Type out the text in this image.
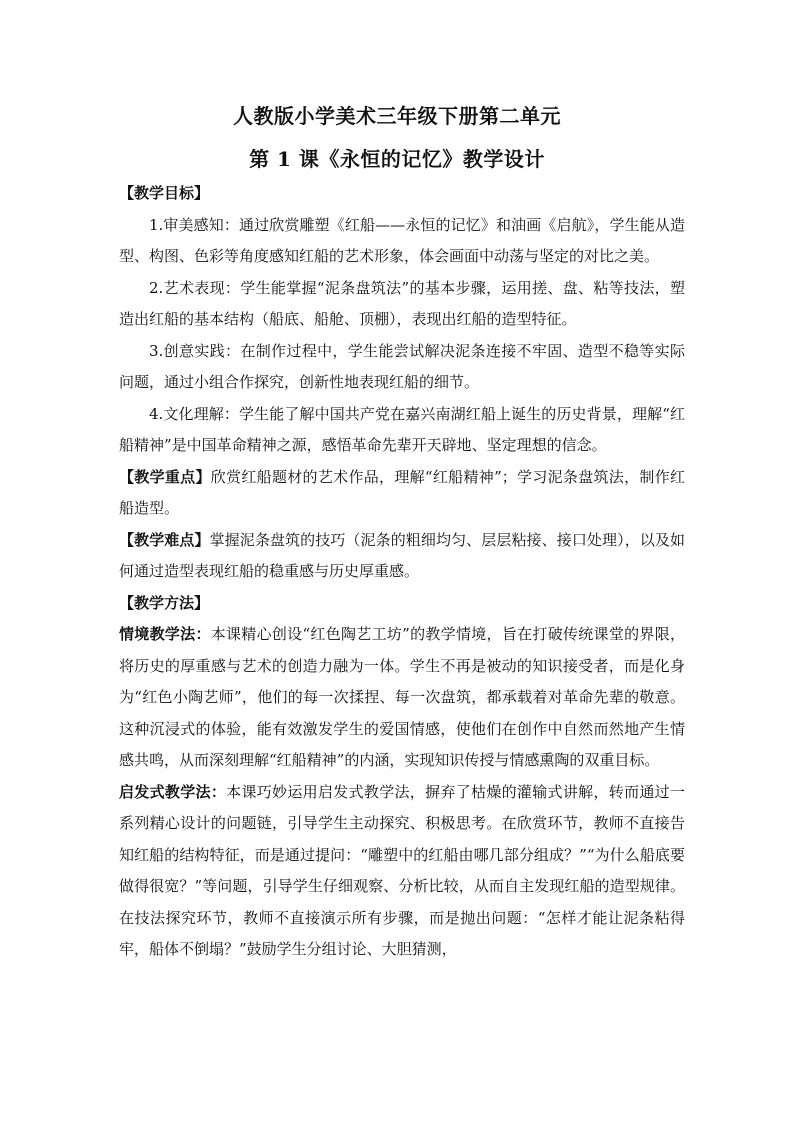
人教版小学美术三年级下册第二单元
第 1 课《永恒的记忆》教学设计

【教学目标】

1.审美感知：通过欣赏雕塑《红船——永恒的记忆》和油画《启航》，学生能从造型、构图、色彩等角度感知红船的艺术形象，体会画面中动荡与坚定的对比之美。

2.艺术表现：学生能掌握“泥条盘筑法”的基本步骤，运用搓、盘、粘等技法，塑造出红船的基本结构（船底、船舱、顶棚），表现出红船的造型特征。

3.创意实践：在制作过程中，学生能尝试解决泥条连接不牢固、造型不稳等实际问题，通过小组合作探究，创新性地表现红船的细节。

4.文化理解：学生能了解中国共产党在嘉兴南湖红船上诞生的历史背景，理解“红船精神”是中国革命精神之源，感悟革命先辈开天辟地、坚定理想的信念。

【教学重点】欣赏红船题材的艺术作品，理解“红船精神”；学习泥条盘筑法，制作红船造型。

【教学难点】掌握泥条盘筑的技巧（泥条的粗细均匀、层层粘接、接口处理），以及如何通过造型表现红船的稳重感与历史厚重感。

【教学方法】

情境教学法：本课精心创设“红色陶艺工坊”的教学情境，旨在打破传统课堂的界限，将历史的厚重感与艺术的创造力融为一体。学生不再是被动的知识接受者，而是化身为“红色小陶艺师”，他们的每一次揉捏、每一次盘筑，都承载着对革命先辈的敬意。这种沉浸式的体验，能有效激发学生的爱国情感，使他们在创作中自然而然地产生情感共鸣，从而深刻理解“红船精神”的内涵，实现知识传授与情感熏陶的双重目标。

启发式教学法：本课巧妙运用启发式教学法，摒弃了枯燥的灌输式讲解，转而通过一系列精心设计的问题链，引导学生主动探究、积极思考。在欣赏环节，教师不直接告知红船的结构特征，而是通过提问：“雕塑中的红船由哪几部分组成？”“为什么船底要做得很宽？”等问题，引导学生仔细观察、分析比较，从而自主发现红船的造型规律。在技法探究环节，教师不直接演示所有步骤，而是抛出问题：“怎样才能让泥条粘得牢，船体不倒塌？”鼓励学生分组讨论、大胆猜测，
